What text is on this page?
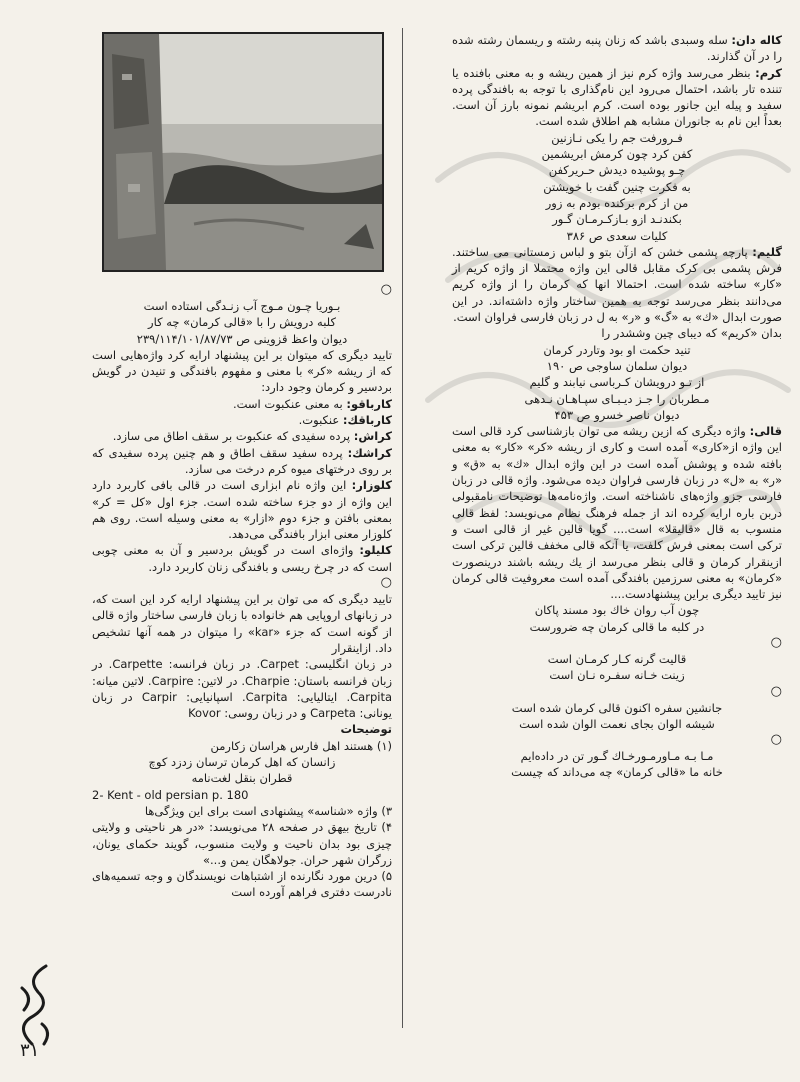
کاله دان: سله وسبدی باشد که زنان پنبه رشته و ریسمان رشته شده را در آن گذارند.

کرم: بنظر می‌رسد واژه کرم نیز از همین ریشه و به معنی بافنده یا تننده تار باشد، احتمال می‌رود این نام‌گذاری با توجه به بافندگی پرده سفید و پیله این جانور بوده است. کرم ابریشم نمونه بارز آن است. بعداً این نام به جانوران مشابه هم اطلاق شده است.

فـرورفت جم را یکی نـازنین
کفن کرد چون کرمش ابریشمین
چـو پوشیده دیدش حـریرکفن
به فکرت چنین گفت با خویشتن
من از کرم برکنده بودم به زور
بکندنـد ازو بـازکـرمـان گـور
کلیات سعدی ص ۳۸۶

گلیم: پارچه پشمی خشن که ازآن بتو و لباس زمستانی می ساختند. فرش پشمی بی کرک مقابل قالی این واژه محتملا از واژه کریم از «کار» ساخته شده است. احتمالا انها که کرمان را از واژه کریم می‌دانند بنظر می‌رسد توجه به همین ساختار واژه داشته‌اند. در این صورت ابدال «ك» به «گ» و «ر» به ل در زبان فارسی فراوان است.

بدان «کریم» که دیبای چین وششدر را

تنید حکمت او بود وتاردر کرمان
دیوان سلمان ساوجی ص ۱۹۰
از تـو درویشان کـرباسی نیابند و گلیم
مـطربان را جـز دیـبـای سپـاهـان نـدهی
دیوان ناصر خسرو ص ۴۵۳

قالی: واژه دیگری که ازین ریشه می توان بازشناسی کرد قالی است این واژه از«کاری» آمده است و کاری از ریشه «کر» «کار» به معنی بافته شده و پوشش آمده است در این واژه ابدال «ك» به «ق» و «ر» به «ل» در زبان فارسی فراوان دیده می‌شود. واژه قالی در زبان فارسی جزو واژه‌های ناشناخته است. واژه‌نامه‌ها توضیحات نامقبولی دربن باره ارایه کرده اند از جمله فرهنگ نظام می‌نویسد: لفظ قالی منسوب به قال «قالیقلا» است.... گویا قالین غیر از قالی است و ترکی است بمعنی فرش کلفت، یا آنکه قالی مخفف قالین ترکی است ازینقرار کرمان و قالی بنظر می‌رسد از یك ریشه باشند درینصورت «کرمان» به معنی سرزمین بافندگی آمده است معروفیت قالی کرمان نیز تایید دیگری براین پیشنهادست....

چون آب روان خاك بود مسند پاکان
در کلبه ما قالی کرمان چه ضرورست
○
قالیت گرنه کـار کرمـان است
زینت خـانه سفـره نـان است
○
جانشین سفره اکنون قالی کرمان شده است
شیشه الوان بجای نعمت الوان شده است
○
مـا بـه مـاورمـورخـاك گـور تن در داده‌ایم
خانه ما «قالی کرمان» چه می‌داند که چیست
○
بـوریا چـون مـوج آب زنـدگی استاده است
کلبه درویش را با «قالی کرمان» چه کار
دیوان واعظ قزوینی ص ۲۳۹/۱۱۴/۱۰۱/۸۷/۷۳

تایید دیگری که میتوان بر این پیشنهاد ارایه کرد واژه‌هایی است که از ریشه «کر» با معنی و مفهوم بافندگی و تنیدن در گویش بردسیر و کرمان وجود دارد:

کارباقو: به معنی عنکبوت است.

کارباقك: عنکبوت.

کراش: پرده سفیدی که عنکبوت بر سقف اطاق می سازد.

کراشك: پرده سفید سقف اطاق و هم چنین پرده سفیدی که بر روی درختهای میوه کرم درخت می سازد.

کلوزار: این واژه نام ابزاری است در قالی بافی کاربرد دارد این واژه از دو جزء ساخته شده است. جزء اول «کل = کر» بمعنی بافتن و جزء دوم «ازار» به معنی وسیله است. روی هم کلوزار معنی ابزار بافندگی می‌دهد.

کلیلو: واژه‌ای است در گویش بردسیر و آن به معنی چوبی است که در چرخ ریسی و بافندگی زنان کاربرد دارد.

○

تایید دیگری که می توان بر این پیشنهاد ارایه کرد این است که، در زبانهای اروپایی هم خانواده با زبان فارسی ساختار واژه قالی از گونه است که جزء «kar» را میتوان در همه آنها تشخیص داد. ازاینقرار

در زبان انگلیسی: Carpet. در زبان فرانسه: Carpette. در زبان فرانسه باستان: Charpie. در لاتین: Carpire. لاتین میانه: Carpita. ایتالیایی: Carpita. اسپانیایی: Carpir در زبان یونانی: Carpeta و در زبان روسی: Kovor

توضیحات

(۱) هستند اهل فارس هراسان زکارمن

زانسان که اهل کرمان ترسان زدزد کوچ
قطران بنقل لغت‌نامه
2- Kent - old persian p. 180

۳) واژه «شناسه» پیشنهادی است برای این ویژگی‌ها

۴) تاریخ بیهق در صفحه ۲۸ می‌نویسد: «در هر ناحیتی و ولایتی چیزی بود بدان ناحیت و ولایت منسوب، گویند حکمای یونان، زرگران شهر حران. جولاهگان یمن و...»

۵) درین مورد نگارنده از اشتباهات نویسندگان و وجه تسمیه‌های نادرست دفتری فراهم آورده است

۳۱
